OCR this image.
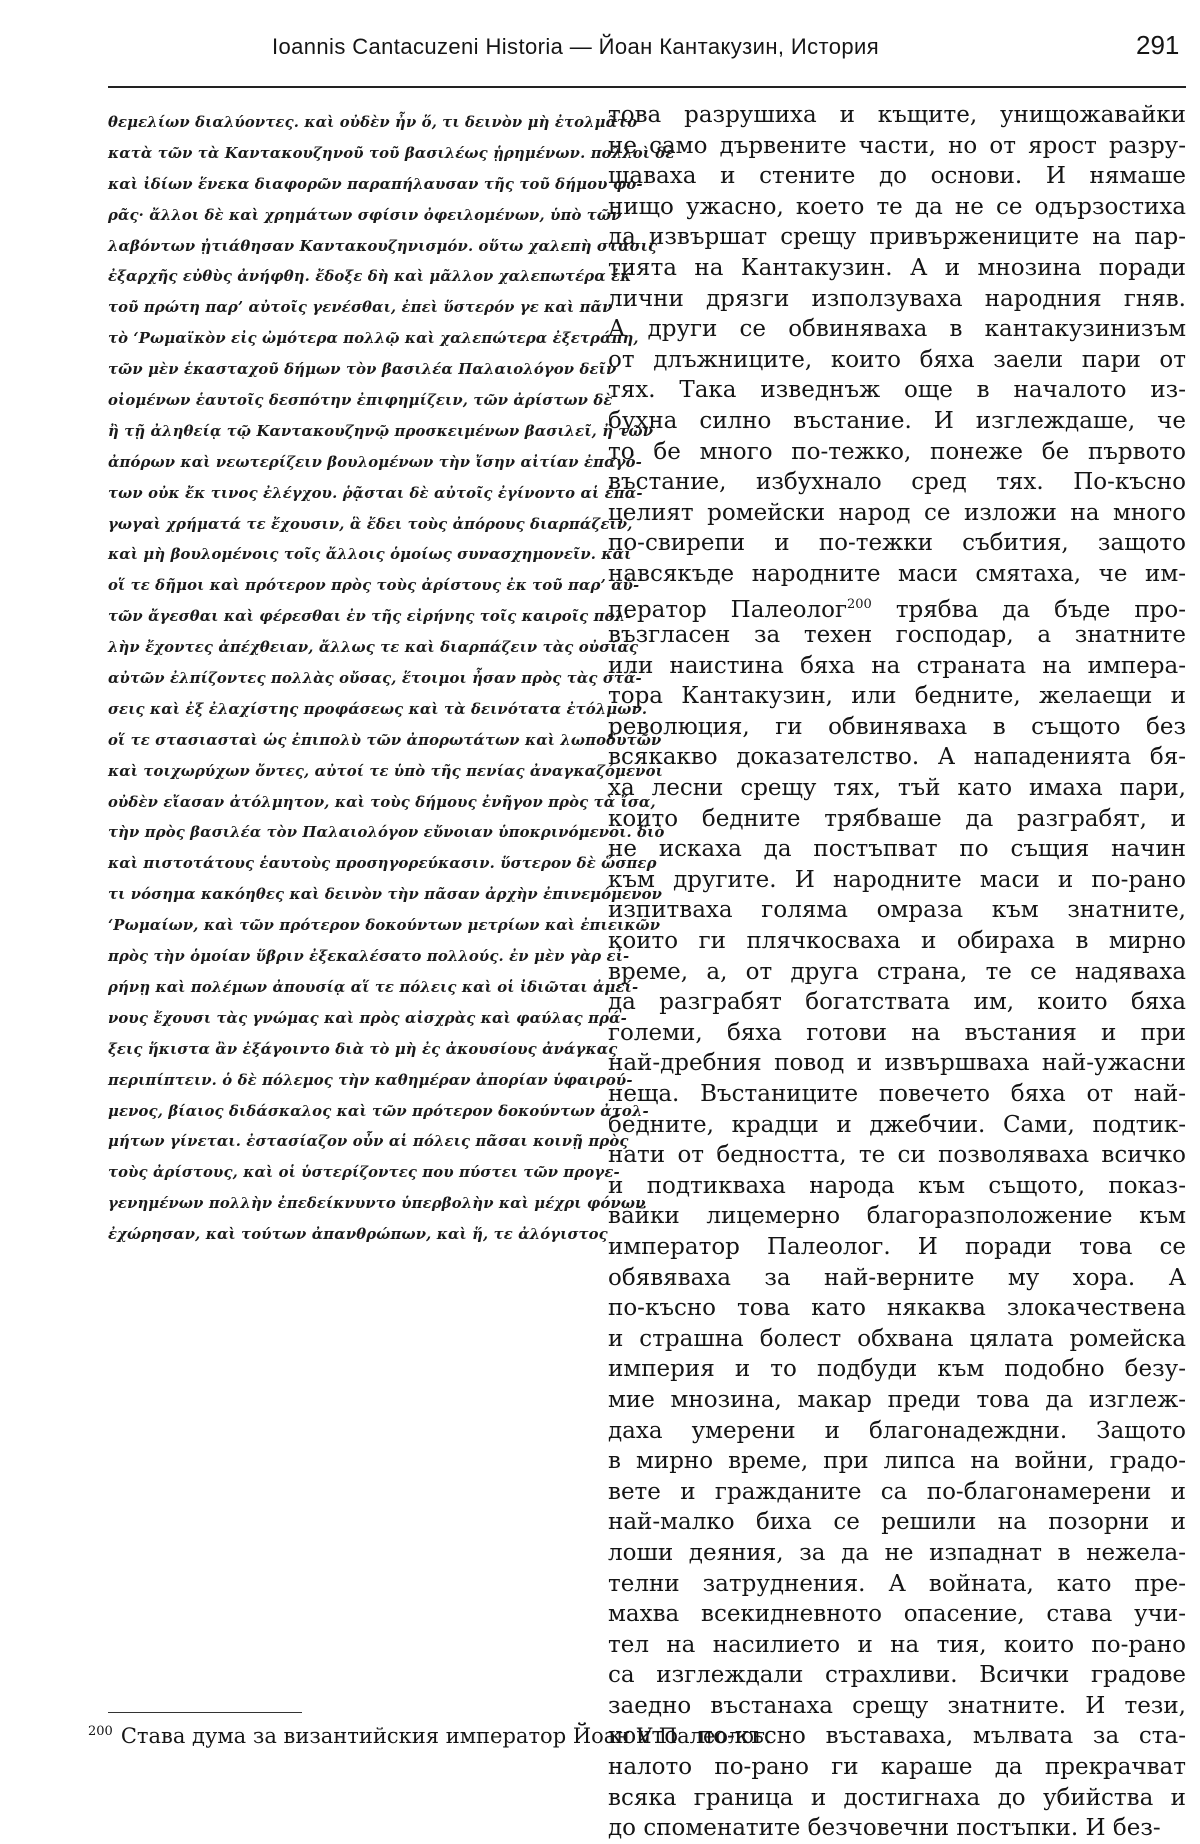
Ioannis Cantacuzeni Historia — Йоан Кантакузин, История	291
θεμελίων διαλύοντες. καὶ οὐδὲν ἦν ὅ, τι δεινὸν μὴ ἐτολμᾶτο
κατὰ τῶν τὰ Καντακουζηνοῦ τοῦ βασιλέως ᾑρημένων. πολλοὶ δὲ
καὶ ἰδίων ἕνεκα διαφορῶν παραπήλαυσαν τῆς τοῦ δήμου φο-
ρᾶς· ἄλλοι δὲ καὶ χρημάτων σφίσιν ὀφειλομένων, ὑπὸ τῶν
λαβόντων ᾐτιάθησαν Καντακουζηνισμόν. οὕτω χαλεπὴ στάσις
ἐξαρχῆς εὐθὺς ἀνήφθη. ἔδοξε δὴ καὶ μᾶλλον χαλεπωτέρα ἐκ
τοῦ πρώτη παρ’ αὐτοῖς γενέσθαι, ἐπεὶ ὕστερόν γε καὶ πᾶν
τὸ ‘Ρωμαϊκὸν εἰς ὠμότερα πολλῷ καὶ χαλεπώτερα ἐξετράπη,
τῶν μὲν ἑκασταχοῦ δήμων τὸν βασιλέα Παλαιολόγον δεῖν
οἰομένων ἑαυτοῖς δεσπότην ἐπιφημίζειν, τῶν ἀρίστων δὲ
ἢ τῇ ἀληθείᾳ τῷ Καντακουζηνῷ προσκειμένων βασιλεῖ, ἢ τῶν
ἀπόρων καὶ νεωτερίζειν βουλομένων τὴν ἴσην αἰτίαν ἐπαγό-
των οὐκ ἔκ τινος ἐλέγχου. ῥᾷσται δὲ αὐτοῖς ἐγίνοντο αἱ ἐπα-
γωγαὶ χρήματά τε ἔχουσιν, ἃ ἔδει τοὺς ἀπόρους διαρπάζειν,
καὶ μὴ βουλομένοις τοῖς ἄλλοις ὁμοίως συνασχημονεῖν. καὶ
οἵ τε δῆμοι καὶ πρότερον πρὸς τοὺς ἀρίστους ἐκ τοῦ παρ’ αὐ-
τῶν ἄγεσθαι καὶ φέρεσθαι ἐν τῆς εἰρήνης τοῖς καιροῖς πολ-
λὴν ἔχοντες ἀπέχθειαν, ἄλλως τε καὶ διαρπάζειν τὰς οὐσίας
αὐτῶν ἐλπίζοντες πολλὰς οὔσας, ἕτοιμοι ἦσαν πρὸς τὰς στά-
σεις καὶ ἐξ ἐλαχίστης προφάσεως καὶ τὰ δεινότατα ἐτόλμων.
οἵ τε στασιασταὶ ὡς ἐπιπολὺ τῶν ἀπορωτάτων καὶ λωποδυτῶν
καὶ τοιχωρύχων ὄντες, αὐτοί τε ὑπὸ τῆς πενίας ἀναγκαζόμενοι
οὐδὲν εἴασαν ἀτόλμητον, καὶ τοὺς δήμους ἐνῆγον πρὸς τὰ ἴσα,
τὴν πρὸς βασιλέα τὸν Παλαιολόγον εὔνοιαν ὑποκρινόμενοι. διὸ
καὶ πιστοτάτους ἑαυτοὺς προσηγορεύκασιν. ὕστερον δὲ ὥσπερ
τι νόσημα κακόηθες καὶ δεινὸν τὴν πᾶσαν ἀρχὴν ἐπινεμόμενον
‘Ρωμαίων, καὶ τῶν πρότερον δοκούντων μετρίων καὶ ἐπιεικῶν
πρὸς τὴν ὁμοίαν ὕβριν ἐξεκαλέσατο πολλούς. ἐν μὲν γὰρ εἰ-
ρήνῃ καὶ πολέμων ἀπουσίᾳ αἵ τε πόλεις καὶ οἱ ἰδιῶται ἀμεί-
νους ἔχουσι τὰς γνώμας καὶ πρὸς αἰσχρὰς καὶ φαύλας πρά-
ξεις ἥκιστα ἂν ἐξάγοιντο διὰ τὸ μὴ ἐς ἀκουσίους ἀνάγκας
περιπίπτειν. ὁ δὲ πόλεμος τὴν καθημέραν ἀπορίαν ὑφαιρού-
μενος, βίαιος διδάσκαλος καὶ τῶν πρότερον δοκούντων ἀτολ-
μήτων γίνεται. ἐστασίαζον οὖν αἱ πόλεις πᾶσαι κοινῇ πρὸς
τοὺς ἀρίστους, καὶ οἱ ὑστερίζοντες που πύστει τῶν προγε-
γενημένων πολλὴν ἐπεδείκνυντο ὑπερβολὴν καὶ μέχρι φόνων
ἐχώρησαν, καὶ τούτων ἀπανθρώπων, καὶ ἥ, τε ἀλόγιστος
това разрушиха и къщите, унищожавайки
не само дървените части, но от ярост разру-
шаваха и стените до основи. И нямаше
нищо ужасно, което те да не се одързостиха
да извършат срещу привържениците на пар-
тията на Кантакузин. А и мнозина поради
лични дрязги използуваха народния гняв.
А други се обвиняваха в кантакузинизъм
от длъжниците, които бяха заели пари от
тях. Така изведнъж още в началото из-
бухна силно въстание. И изглеждаше, че
то бе много по-тежко, понеже бе първото
въстание, избухнало сред тях. По-късно
целият ромейски народ се изложи на много
по-свирепи и по-тежки събития, защото
навсякъде народните маси смятаха, че им-
ператор Палеолог$^{200}$ трябва да бъде про-
възгласен за техен господар, а знатните
или наистина бяха на страната на импера-
тора Кантакузин, или бедните, желаещи и
революция, ги обвиняваха в същото без
всякакво доказателство. А нападенията бя-
ха лесни срещу тях, тъй като имаха пари,
които бедните трябваше да разграбят, и
не искаха да постъпват по същия начин
към другите. И народните маси и по-рано
изпитваха голяма омраза към знатните,
които ги плячкосваха и обираха в мирно
време, а, от друга страна, те се надяваха
да разграбят богатствата им, които бяха
големи, бяха готови на въстания и при
най-дребния повод и извършваха най-ужасни
неща. Въстаниците повечето бяха от най-
бедните, крадци и джебчии. Сами, подтик-
нати от бедността, те си позволяваха всичко
и подтикваха народа към същото, показ-
вайки лицемерно благоразположение към
император Палеолог. И поради това се
обявяваха за най-верните му хора. А
по-късно това като някаква злокачествена
и страшна болест обхвана цялата ромейска
империя и то подбуди към подобно безу-
мие мнозина, макар преди това да изглеж-
даха умерени и благонадеждни. Защото
в мирно време, при липса на войни, градо-
вете и гражданите са по-благонамерени и
най-малко биха се решили на позорни и
лоши деяния, за да не изпаднат в нежела-
телни затруднения. А войната, като пре-
махва всекидневното опасение, става учи-
тел на насилието и на тия, които по-рано
са изглеждали страхливи. Всички градове
заедно въстанаха срещу знатните. И тези,
които по-късно въставаха, мълвата за ста-
налото по-рано ги караше да прекрачват
всяка граница и достигнаха до убийства и
до споменатите безчовечни постъпки. И без-
$^{200}$ Става дума за византийския император Йоан V Палеолог.
